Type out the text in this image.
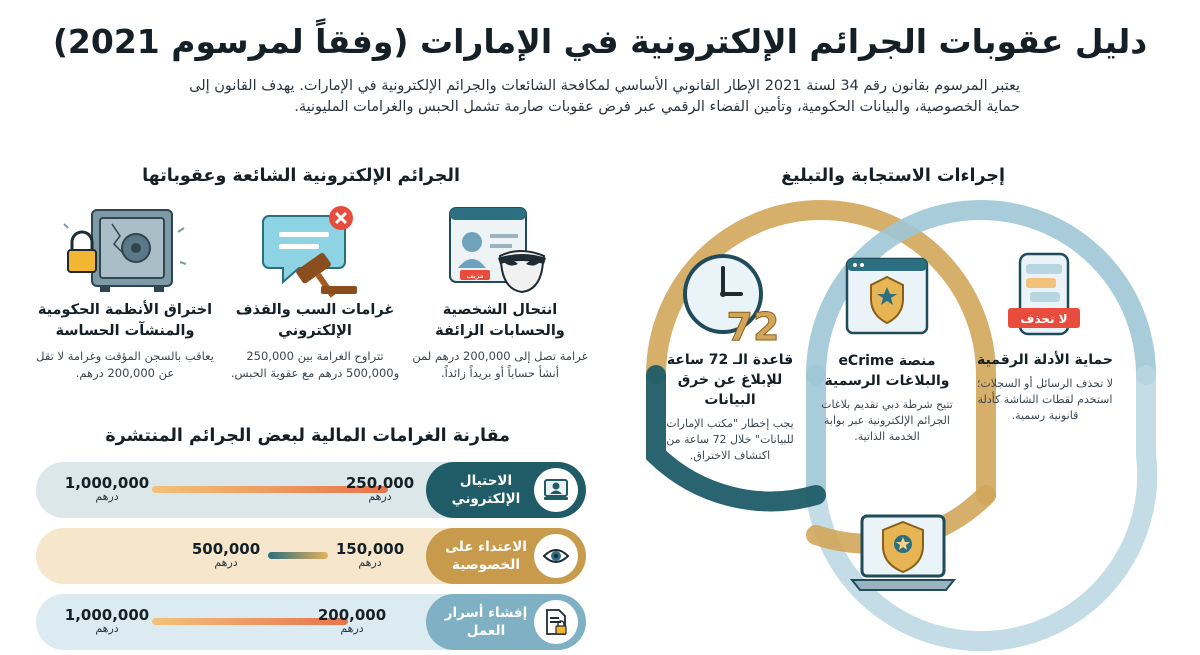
دليل عقوبات الجرائم الإلكترونية في الإمارات (وفقاً لمرسوم 2021)
يعتبر المرسوم بقانون رقم 34 لسنة 2021 الإطار القانوني الأساسي لمكافحة الشائعات والجرائم الإلكترونية في الإمارات. يهدف القانون إلى حماية الخصوصية، والبيانات الحكومية، وتأمين الفضاء الرقمي عبر فرض عقوبات صارمة تشمل الحبس والغرامات المليونية.
الجرائم الإلكترونية الشائعة وعقوباتها
مزيف
انتحال الشخصية والحسابات الزائفة

غرامة تصل إلى 200,000 درهم لمن أنشأ حساباً أو بريداً زائداً.

غرامات السب والقذف الإلكتروني

تتراوح الغرامة بين 250,000 و500,000 درهم مع عقوبة الحبس.

اختراق الأنظمة الحكومية والمنشآت الحساسة

يعاقب بالسجن المؤقت وغرامة لا تقل عن 200,000 درهم.

مقارنة الغرامات المالية لبعض الجرائم المنتشرة
الاحتيال الإلكتروني
250,000
درهم
1,000,000
درهم
الاعتداء على الخصوصية
150,000
درهم
500,000
درهم
إفشاء أسرار العمل
200,000
درهم
1,000,000
درهم
إجراءات الاستجابة والتبليغ
لا تحذف
حماية الأدلة الرقمية

لا تحذف الرسائل أو السجلات؛ استخدم لقطات الشاشة كأدلة قانونية رسمية.

منصة eCrime والبلاغات الرسمية

تتيح شرطة دبي تقديم بلاغات الجرائم الإلكترونية عبر بوابة الخدمة الذاتية.

72
قاعدة الـ 72 ساعة للإبلاغ عن خرق البيانات

يجب إخطار "مكتب الإمارات للبيانات" خلال 72 ساعة من اكتشاف الاختراق.
